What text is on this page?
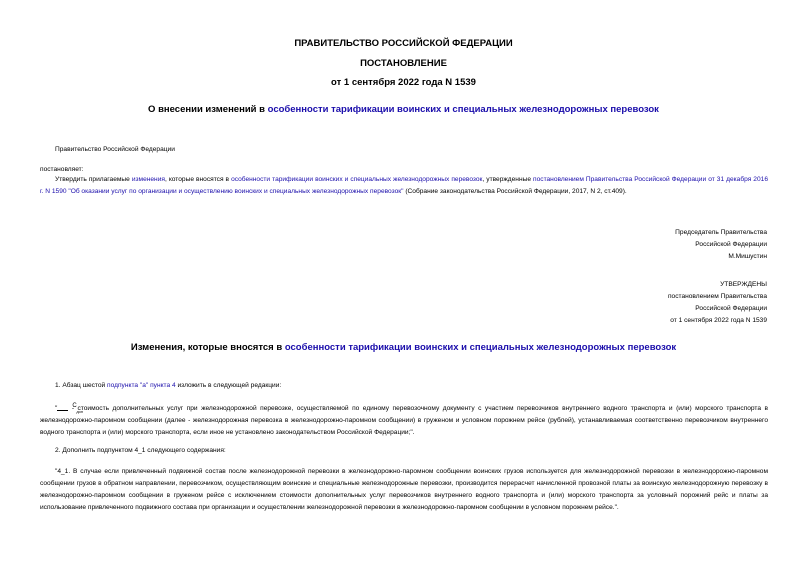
ПРАВИТЕЛЬСТВО РОССИЙСКОЙ ФЕДЕРАЦИИ
ПОСТАНОВЛЕНИЕ
от 1 сентября 2022 года N 1539
О внесении изменений в особенности тарификации воинских и специальных железнодорожных перевозок
Правительство Российской Федерации
постановляет:
Утвердить прилагаемые изменения, которые вносятся в особенности тарификации воинских и специальных железнодорожных перевозок, утвержденные постановлением Правительства Российской Федерации от 31 декабря 2016 г. N 1590 "Об оказании услуг по организации и осуществлению воинских и специальных железнодорожных перевозок" (Собрание законодательства Российской Федерации, 2017, N 2, ст.409).
Председатель Правительства
Российской Федерации
М.Мишустин
УТВЕРЖДЕНЫ
постановлением Правительства
Российской Федерации
от 1 сентября 2022 года N 1539
Изменения, которые вносятся в особенности тарификации воинских и специальных железнодорожных перевозок
1. Абзац шестой подпункта "а" пункта 4 изложить в следующей редакции:
"C доп - стоимость дополнительных услуг при железнодорожной перевозке, осуществляемой по единому перевозочному документу с участием перевозчиков внутреннего водного транспорта и (или) морского транспорта в железнодорожно-паромном сообщении (далее - железнодорожная перевозка в железнодорожно-паромном сообщении) в груженом и условном порожнем рейсе (рублей), устанавливаемая соответственно перевозчиком внутреннего водного транспорта и (или) морского транспорта, если иное не установлено законодательством Российской Федерации;".
2. Дополнить подпунктом 4_1 следующего содержания:
"4_1. В случае если привлеченный подвижной состав после железнодорожной перевозки в железнодорожно-паромном сообщении воинских грузов используется для железнодорожной перевозки в железнодорожно-паромном сообщении грузов в обратном направлении, перевозчиком, осуществляющим воинские и специальные железнодорожные перевозки, производится перерасчет начисленной провозной платы за воинскую железнодорожную перевозку в железнодорожно-паромном сообщении в груженом рейсе с исключением стоимости дополнительных услуг перевозчиков внутреннего водного транспорта и (или) морского транспорта за условный порожний рейс и платы за использование привлеченного подвижного состава при организации и осуществлении железнодорожной перевозки в железнодорожно-паромном сообщении в условном порожнем рейсе.".
